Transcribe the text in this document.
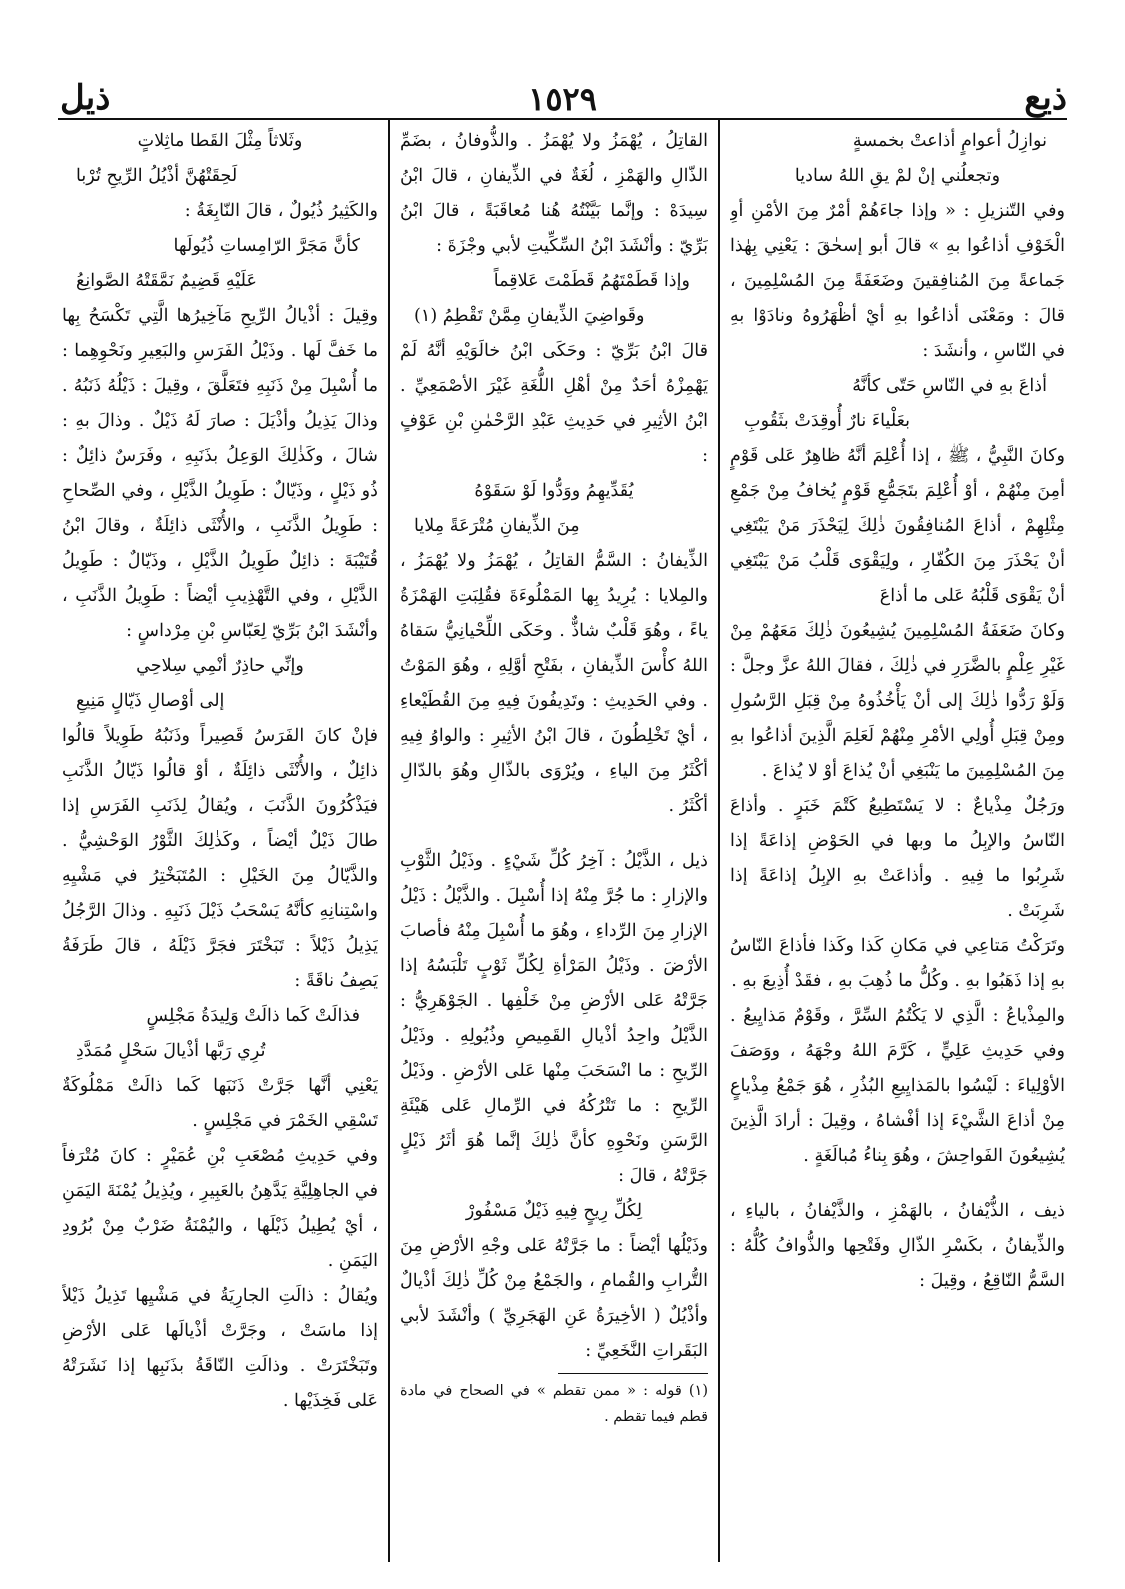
ذيع
١٥٢٩
ذيل

نوازِلُ أعوامٍ أذاعتْ بخمسةٍ

وتجعلُني إنْ لمْ يقِ اللهُ ساديا

وفي التّنزيلِ : « وإذا جاءَهُمْ أمْرٌ مِنَ الأمْنِ أوِ الْخَوْفِ أذاعُوا بهِ » قالَ أبو إسحٰقَ : يَعْنِي بِهٰذا جَماعةً مِنَ المُنافِقينَ وضَعَفَةً مِنَ المُسْلِمِينَ ، قالَ : ومَعْنَى أذاعُوا بهِ أيْ أظْهَرُوهُ ونادَوْا بهِ في النّاسِ ، وأنشَدَ :

أذاعَ بهِ في النّاسِ حَتّى كأنَّهُ

بعَلْياءَ نارٌ أُوقِدَتْ بثَقُوبِ

وكانَ النَّبِيُّ ، ﷺ ، إذا أُعْلِمَ أنَّهُ ظاهِرٌ عَلى قَوْمٍ أمِنَ مِنْهُمْ ، أوْ أُعْلِمَ بتَجَمُّعِ قَوْمٍ يُخافُ مِنْ جَمْعِ مِثْلِهِمْ ، أذاعَ المُنافِقُونَ ذٰلِكَ لِيَحْذَرَ مَنْ يَبْتَغِي أنْ يَحْذَرَ مِنَ الكُفّارِ ، ولِيَقْوَى قَلْبُ مَنْ يَبْتَغِي أنْ يَقْوَى قَلْبُهُ عَلى ما أذاعَ

وكانَ ضَعَفَةُ المُسْلِمِينَ يُشِيعُونَ ذٰلِكَ مَعَهُمْ مِنْ غَيْرِ عِلْمٍ بالضَّرَرِ في ذٰلِكَ ، فقالَ اللهُ عزَّ وجلَّ : وَلَوْ رَدُّوا ذٰلِكَ إلى أنْ يَأْخُذُوهُ مِنْ قِبَلِ الرَّسُولِ ومِنْ قِبَلِ أُولِي الأمْرِ مِنْهُمْ لَعَلِمَ الَّذِينَ أذاعُوا بهِ مِنَ المُسْلِمِينَ ما يَنْبَغِي أنْ يُذاعَ أوْ لا يُذاعَ .

ورَجُلٌ مِذْياعٌ : لا يَسْتَطِيعُ كَتْمَ خَبَرٍ . وأذاعَ النّاسُ والإبِلُ ما وبها في الحَوْضِ إذاعَةً إذا شَرِبُوا ما فِيهِ . وأذاعَتْ بهِ الإبِلُ إذاعَةً إذا شَرِبَتْ .

وتَرَكْتُ مَتاعِي في مَكانِ كَذا وكَذا فأذاعَ النّاسُ بهِ إذا ذَهَبُوا بهِ . وكُلُّ ما ذُهِبَ بهِ ، فقَدْ أُذِيعَ بهِ .

والمِذْياعُ : الَّذِي لا يَكْتُمُ السِّرَّ ، وقَوْمٌ مَذايِيعُ . وفي حَدِيثِ عَلِيٍّ ، كَرَّمَ اللهُ وجْهَهُ ، ووَصَفَ الأوْلِياءَ : لَيْسُوا بالمَذايِيعِ البُذُرِ ، هُوَ جَمْعُ مِذْياعٍ مِنْ أذاعَ الشَّيْءَ إذا أفْشاهُ ، وقِيلَ : أرادَ الَّذِينَ يُشِيعُونَ الفَواحِشَ ، وهُوَ بِناءُ مُبالَغَةٍ .

ذيف ، الذُّيْفانُ ، بالهَمْزِ ، والذَّيْفانُ ، بالياءِ ، والذِّيفانُ ، بكَسْرِ الذّالِ وفَتْحِها والذُّوافُ كُلُّهُ : السَّمُّ النّاقِعُ ، وقِيلَ :

القاتِلُ ، يُهْمَزُ ولا يُهْمَزُ . والذُّوفانُ ، بضَمِّ الذّالِ والهَمْزِ ، لُغَةٌ في الذِّيفانِ ، قالَ ابْنُ سِيدَهْ : وإنَّما بَيَّنْتُهُ هُنا مُعاقَبَةً ، قالَ ابْنُ بَرِّيّ : وأنْشَدَ ابْنُ السِّكِّيتِ لأبي وجْزَةَ :

وإذا قَطَمْتَهُمُ قَطَمْتَ عَلاقِماً

وقَواضِيَ الذِّيفانِ مِمَّنْ تَقْطِمُ (١)

قالَ ابْنُ بَرِّيّ : وحَكَى ابْنُ خالَوَيْهِ أنَّهُ لَمْ يَهْمِزْهُ أحَدٌ مِنْ أهْلِ اللُّغَةِ غَيْرَ الأصْمَعِيِّ . ابْنُ الأثِيرِ في حَدِيثِ عَبْدِ الرَّحْمٰنِ بْنِ عَوْفٍ :

يُقَدِّيهِمُ ووَدُّوا لَوْ سَقَوْهُ

مِنَ الذِّيفانِ مُتْرَعَةً مِلايا

الذِّيفانُ : السَّمُّ القاتِلُ ، يُهْمَزُ ولا يُهْمَزُ ، والمِلايا : يُرِيدُ بِها المَمْلُوءَةَ فقُلِبَتِ الهَمْزَةُ ياءً ، وهُوَ قَلْبٌ شاذٌّ . وحَكَى اللِّحْيانِيُّ سَقاهُ اللهُ كأْسَ الذِّيفانِ ، بفَتْحِ أوَّلِهِ ، وهُوَ المَوْتُ . وفي الحَدِيثِ : وتَدِيفُونَ فِيهِ مِنَ القُطَيْعاءِ ، أيْ تَخْلِطُونَ ، قالَ ابْنُ الأثِيرِ : والواوُ فِيهِ أكْثَرُ مِنَ الياءِ ، ويُرْوَى بالذّالِ وهُوَ بالدّالِ أكْثَرُ .

ذيل ، الذَّيْلُ : آخِرُ كُلِّ شَيْءٍ . وذَيْلُ الثَّوْبِ والإزارِ : ما جُرَّ مِنْهُ إذا أُسْبِلَ . والذَّيْلُ : ذَيْلُ الإزارِ مِنَ الرِّداءِ ، وهُوَ ما أُسْبِلَ مِنْهُ فأصابَ الأرْضَ . وذَيْلُ المَرْأةِ لِكُلِّ ثَوْبٍ تَلْبَسُهُ إذا جَرَّتْهُ عَلى الأرْضِ مِنْ خَلْفِها . الجَوْهَرِيُّ : الذَّيْلُ واحِدُ أذْيالِ القَمِيصِ وذُيُولِهِ . وذَيْلُ الرِّيحِ : ما انْسَحَبَ مِنْها عَلى الأرْضِ . وذَيْلُ الرِّيحِ : ما تَتْرُكُهُ في الرِّمالِ عَلى هَيْئَةِ الرَّسَنِ ونَحْوِهِ كأنَّ ذٰلِكَ إنَّما هُوَ أثَرُ ذَيْلٍ جَرَّتْهُ ، قالَ :

لِكُلِّ رِيحٍ فِيهِ ذَيْلٌ مَسْفُورْ

وذَيْلُها أيْضاً : ما جَرَّتْهُ عَلى وجْهِ الأرْضِ مِنَ التُّرابِ والقُمامِ ، والجَمْعُ مِنْ كُلِّ ذٰلِكَ أذْيالٌ وأذْيُلٌ ( الأخِيرَةُ عَنِ الهَجَرِيِّ ) وأنْشَدَ لأبي البَقَراتِ النَّخَعِيِّ :

(١) قوله : « ممن تقطم » في الصحاح في مادة قطم فيما تقطم .

وثَلاثاً مِثْلَ القَطا ماثِلاتٍ

لَحِقَتْهُنَّ أذْيُلُ الرِّيحِ تُرْبا

والكَثِيرُ ذُيُولٌ ، قالَ النّابِغَةُ :

كأنَّ مَجَرَّ الرّامِساتِ ذُيُولَها

عَلَيْهِ قَضِيمٌ نَمَّقَتْهُ الصَّوانِعُ

وقِيلَ : أذْيالُ الرِّيحِ مَآخِيرُها الَّتِي تَكْسَحُ بِها ما خَفَّ لَها . وذَيْلُ الفَرَسِ والبَعِيرِ ونَحْوِهِما : ما أُسْبِلَ مِنْ ذَنَبِهِ فتَعَلَّقَ ، وقِيلَ : ذَيْلُهُ ذَنَبُهُ . وذالَ يَذِيلُ وأذْيَلَ : صارَ لَهُ ذَيْلٌ . وذالَ بهِ : شالَ ، وكَذٰلِكَ الوَعِلُ بذَنَبِهِ ، وفَرَسٌ ذائِلٌ : ذُو ذَيْلٍ ، وذَيّالٌ : طَوِيلُ الذَّيْلِ ، وفي الصِّحاحِ : طَوِيلُ الذَّنَبِ ، والأُنْثَى ذائِلَةٌ ، وقالَ ابْنُ قُتَيْبَةَ : ذائِلٌ طَوِيلُ الذَّيْلِ ، وذَيّالٌ : طَوِيلُ الذَّيْلِ ، وفي التَّهْذِيبِ أيْضاً : طَوِيلُ الذَّنَبِ ، وأنْشَدَ ابْنُ بَرِّيّ لِعَبّاسِ بْنِ مِرْداسٍ :

وإنِّي حاذِرٌ أنْمِي سِلاحِي

إلى أوْصالِ ذَيّالٍ مَنِيعِ

فإنْ كانَ الفَرَسُ قَصِيراً وذَنَبُهُ طَوِيلاً قالُوا ذائِلٌ ، والأُنْثَى ذائِلَةٌ ، أوْ قالُوا ذَيّالُ الذَّنَبِ فيَذْكُرُونَ الذَّنَبَ ، ويُقالُ لِذَنَبِ الفَرَسِ إذا طالَ ذَيْلٌ أيْضاً ، وكَذٰلِكَ الثَّوْرُ الوَحْشِيُّ . والذَّيّالُ مِنَ الخَيْلِ : المُتَبَخْتِرُ في مَشْيِهِ واسْتِنانِهِ كأنَّهُ يَسْحَبُ ذَيْلَ ذَنَبِهِ . وذالَ الرَّجُلُ يَذِيلُ ذَيْلاً : تَبَخْتَرَ فجَرَّ ذَيْلَهُ ، قالَ طَرَفَةُ يَصِفُ ناقَةً :

فذالَتْ كَما ذالَتْ وَلِيدَةُ مَجْلِسٍ

تُرِي رَبَّها أذْيالَ سَحْلٍ مُمَدَّدِ

يَعْنِي أنَّها جَرَّتْ ذَنَبَها كَما ذالَتْ مَمْلُوكَةٌ تَسْقِي الخَمْرَ في مَجْلِسٍ .

وفي حَدِيثِ مُصْعَبِ بْنِ عُمَيْرٍ : كانَ مُتْرَفاً في الجاهِلِيَّةِ يَدَّهِنُ بالعَبِيرِ ، ويُذِيلُ يُمْنَةَ اليَمَنِ ، أيْ يُطِيلُ ذَيْلَها ، واليُمْنَةُ ضَرْبٌ مِنْ بُرُودِ اليَمَنِ .

ويُقالُ : ذالَتِ الجارِيَةُ في مَشْيِها تَذِيلُ ذَيْلاً إذا ماسَتْ ، وجَرَّتْ أذْيالَها عَلى الأرْضِ وتَبَخْتَرَتْ . وذالَتِ النّاقَةُ بذَنَبِها إذا نَشَرَتْهُ عَلى فَخِذَيْها .
